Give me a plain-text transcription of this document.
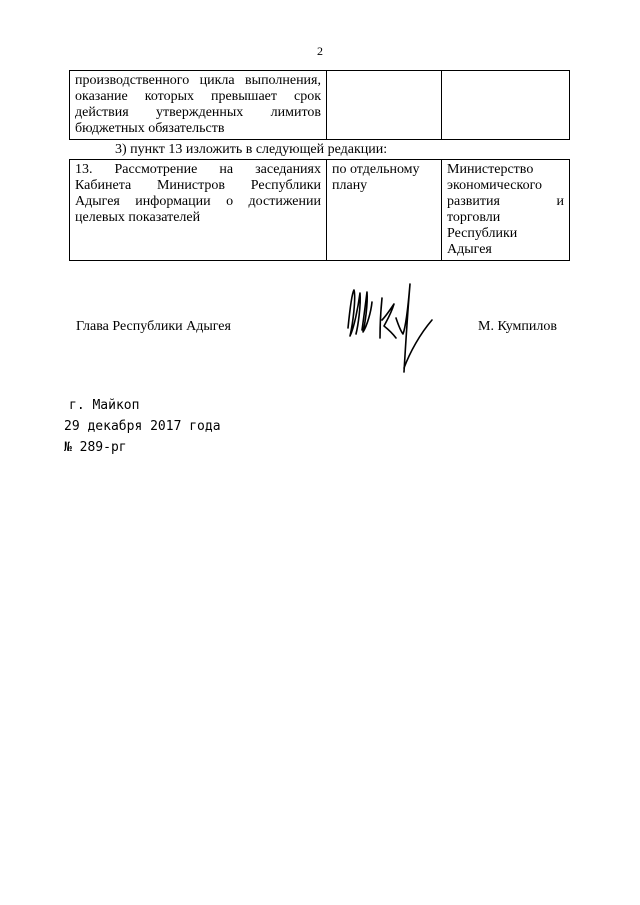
2
производственного цикла выполнения, оказание которых превышает срок действия утвержденных лимитов бюджетных обязательств		
3) пункт 13 изложить в следующей редакции:
13. Рассмотрение на заседаниях Кабинета Министров Республики Адыгея информации о достижении целевых показателей	по отдельному плану	Министерство экономического развития и торговли Республики Адыгея
Глава Республики Адыгея	М. Кумпилов
г. Майкоп
29 декабря 2017 года
№ 289-рг
